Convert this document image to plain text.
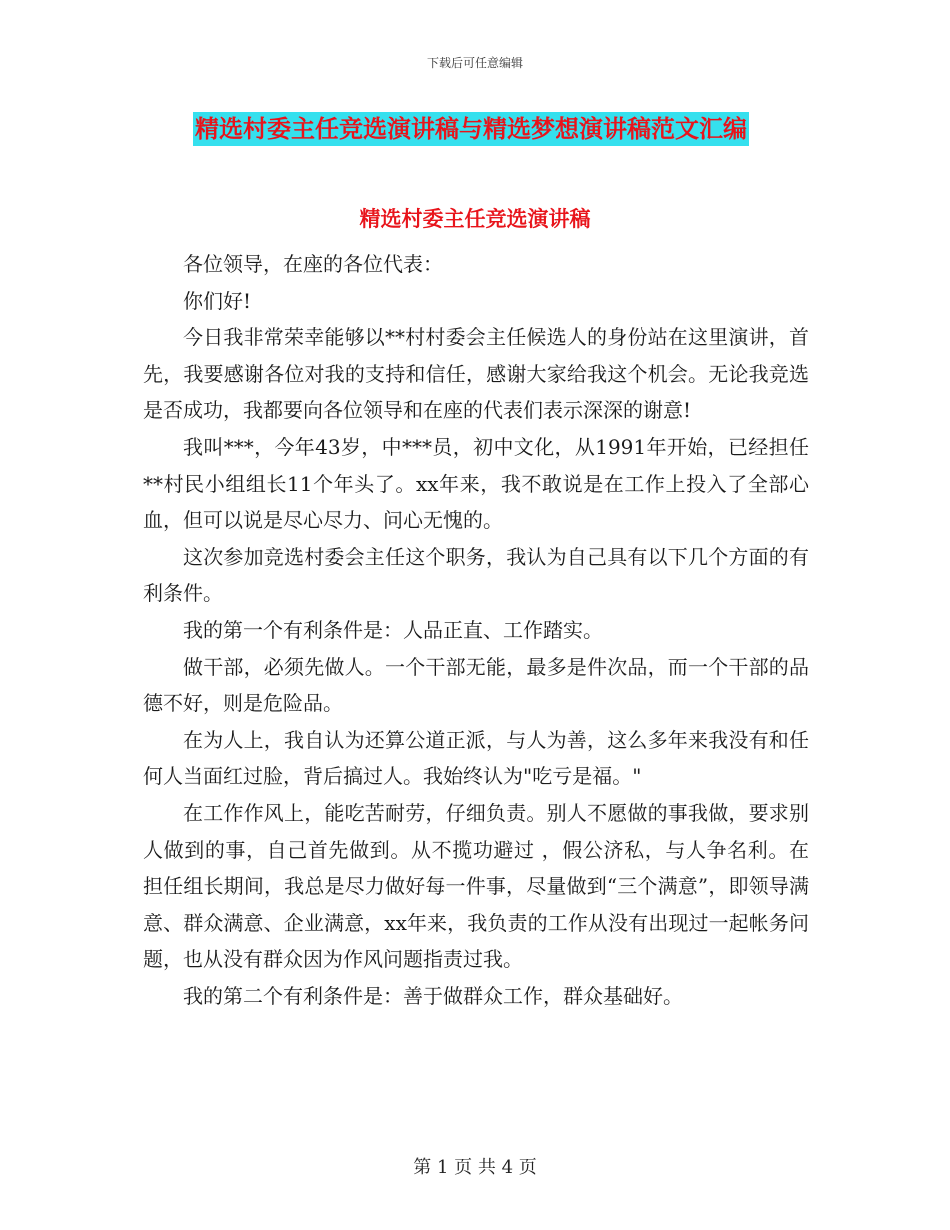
下载后可任意编辑
精选村委主任竞选演讲稿与精选梦想演讲稿范文汇编
精选村委主任竞选演讲稿

各位领导，在座的各位代表：

你们好!

今日我非常荣幸能够以**村村委会主任候选人的身份站在这里演讲，首先，我要感谢各位对我的支持和信任，感谢大家给我这个机会。无论我竞选是否成功，我都要向各位领导和在座的代表们表示深深的谢意!

我叫***，今年43岁，中***员，初中文化，从1991年开始，已经担任**村民小组组长11个年头了。xx年来，我不敢说是在工作上投入了全部心血，但可以说是尽心尽力、问心无愧的。

这次参加竞选村委会主任这个职务，我认为自己具有以下几个方面的有利条件。

我的第一个有利条件是：人品正直、工作踏实。

做干部，必须先做人。一个干部无能，最多是件次品，而一个干部的品德不好，则是危险品。

在为人上，我自认为还算公道正派，与人为善，这么多年来我没有和任何人当面红过脸，背后搞过人。我始终认为"吃亏是福。"

在工作作风上，能吃苦耐劳，仔细负责。别人不愿做的事我做，要求别人做到的事，自己首先做到。从不揽功避过 ，假公济私，与人争名利。在担任组长期间，我总是尽力做好每一件事，尽量做到“三个满意”，即领导满意、群众满意、企业满意，xx年来，我负责的工作从没有出现过一起帐务问题，也从没有群众因为作风问题指责过我。

我的第二个有利条件是：善于做群众工作，群众基础好。

第 1 页 共 4 页
